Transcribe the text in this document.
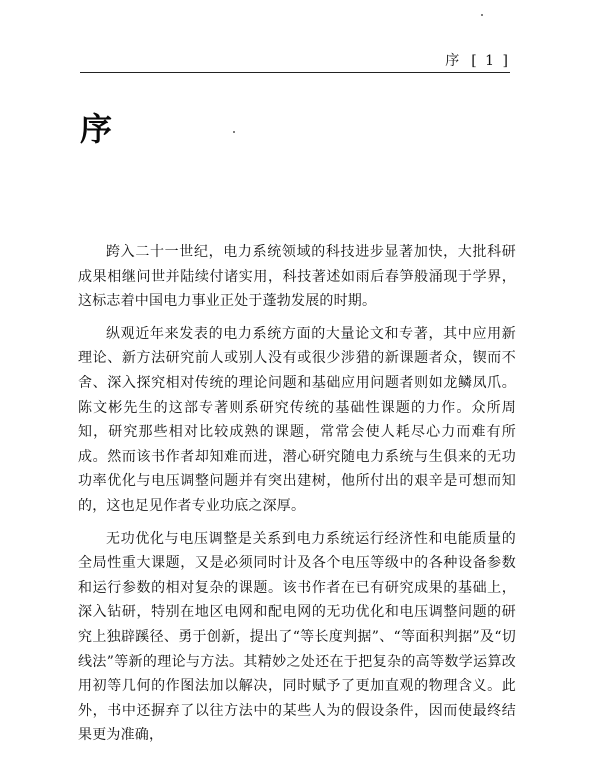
序 [ 1 ]
序

跨入二十一世纪，电力系统领域的科技进步显著加快，大批科研成果相继问世并陆续付诸实用，科技著述如雨后春笋般涌现于学界，这标志着中国电力事业正处于蓬勃发展的时期。

纵观近年来发表的电力系统方面的大量论文和专著，其中应用新理论、新方法研究前人或别人没有或很少涉猎的新课题者众，锲而不舍、深入探究相对传统的理论问题和基础应用问题者则如龙鳞凤爪。陈文彬先生的这部专著则系研究传统的基础性课题的力作。众所周知，研究那些相对比较成熟的课题，常常会使人耗尽心力而难有所成。然而该书作者却知难而进，潜心研究随电力系统与生俱来的无功功率优化与电压调整问题并有突出建树，他所付出的艰辛是可想而知的，这也足见作者专业功底之深厚。

无功优化与电压调整是关系到电力系统运行经济性和电能质量的全局性重大课题，又是必须同时计及各个电压等级中的各种设备参数和运行参数的相对复杂的课题。该书作者在已有研究成果的基础上，深入钻研，特别在地区电网和配电网的无功优化和电压调整问题的研究上独辟蹊径、勇于创新，提出了“等长度判据”、“等面积判据”及“切线法”等新的理论与方法。其精妙之处还在于把复杂的高等数学运算改用初等几何的作图法加以解决，同时赋予了更加直观的物理含义。此外，书中还摒弃了以往方法中的某些人为的假设条件，因而使最终结果更为准确，
